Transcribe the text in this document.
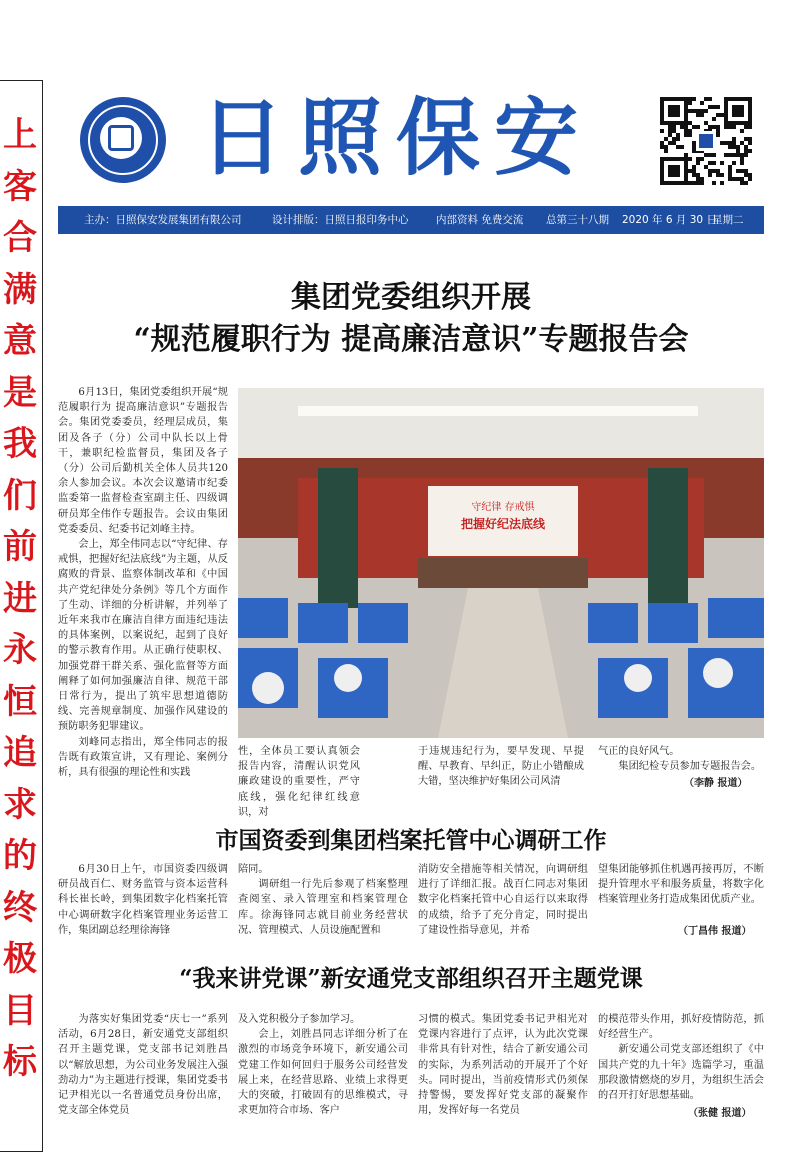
上
客
合
满
意
是
我
们
前
进
永
恒
追
求
的
终
极
目
标
日照保安
主办：日照保安发展集团有限公司	设计排版：日照日报印务中心	内部资料 免费交流 总第三十八期 2020 年 6 月 30 日
星期二
集团党委组织开展
“规范履职行为 提高廉洁意识”专题报告会
守纪律 存戒惧
把握好纪法底线

6月13日，集团党委组织开展“规范履职行为 提高廉洁意识”专题报告会。集团党委委员，经理层成员，集团及各子（分）公司中队长以上骨干，兼职纪检监督员，集团及各子（分）公司后勤机关全体人员共120余人参加会议。本次会议邀请市纪委监委第一监督检查室副主任、四级调研员郑全伟作专题报告。会议由集团党委委员、纪委书记刘峰主持。

会上，郑全伟同志以“守纪律、存戒惧，把握好纪法底线”为主题，从反腐败的背景、监察体制改革和《中国共产党纪律处分条例》等几个方面作了生动、详细的分析讲解，并列举了近年来我市在廉洁自律方面违纪违法的具体案例，以案说纪，起到了良好的警示教育作用。从正确行使职权、加强党群干群关系、强化监督等方面阐释了如何加强廉洁自律、规范干部日常行为，提出了筑牢思想道德防线、完善规章制度、加强作风建设的预防职务犯罪建议。

刘峰同志指出，郑全伟同志的报告既有政策宣讲，又有理论、案例分析，具有很强的理论性和实践

性，全体员工要认真领会报告内容，清醒认识党风廉政建设的重要性，严守底线，强化纪律红线意识，对

于违规违纪行为，要早发现、早提醒、早教育、早纠正，防止小错酿成大错，坚决维护好集团公司风清

气正的良好风气。

集团纪检专员参加专题报告会。

（李静 报道）
市国资委到集团档案托管中心调研工作

6月30日上午，市国资委四级调研员战百仁、财务监管与资本运营科科长崔长岭，到集团数字化档案托管中心调研数字化档案管理业务运营工作，集团副总经理徐海锋

陪同。

调研组一行先后参观了档案整理查阅室、录入管理室和档案管理仓库。徐海锋同志就目前业务经营状况、管理模式、人员设施配置和

消防安全措施等相关情况，向调研组进行了详细汇报。战百仁同志对集团数字化档案托管中心自运行以来取得的成绩，给予了充分肯定，同时提出了建设性指导意见，并希

望集团能够抓住机遇再接再厉，不断提升管理水平和服务质量，将数字化档案管理业务打造成集团优质产业。

（丁昌伟 报道）
“我来讲党课”新安通党支部组织召开主题党课

为落实好集团党委“庆七一”系列活动，6月28日，新安通党支部组织召开主题党课，党支部书记刘胜昌以“解放思想，为公司业务发展注入强劲动力”为主题进行授课，集团党委书记尹相光以一名普通党员身份出席，党支部全体党员

及入党积极分子参加学习。

会上，刘胜昌同志详细分析了在激烈的市场竞争环境下，新安通公司党建工作如何回归于服务公司经营发展上来，在经营思路、业绩上求得更大的突破，打破固有的思维模式，寻求更加符合市场、客户

习惯的模式。集团党委书记尹相光对党课内容进行了点评，认为此次党课非常具有针对性，结合了新安通公司的实际，为系列活动的开展开了个好头。同时提出，当前疫情形式仍须保持警惕，要发挥好党支部的凝聚作用，发挥好每一名党员

的模范带头作用，抓好疫情防范，抓好经营生产。

新安通公司党支部还组织了《中国共产党的九十年》选篇学习，重温那段激情燃烧的岁月，为组织生活会的召开打好思想基础。

（张健 报道）
